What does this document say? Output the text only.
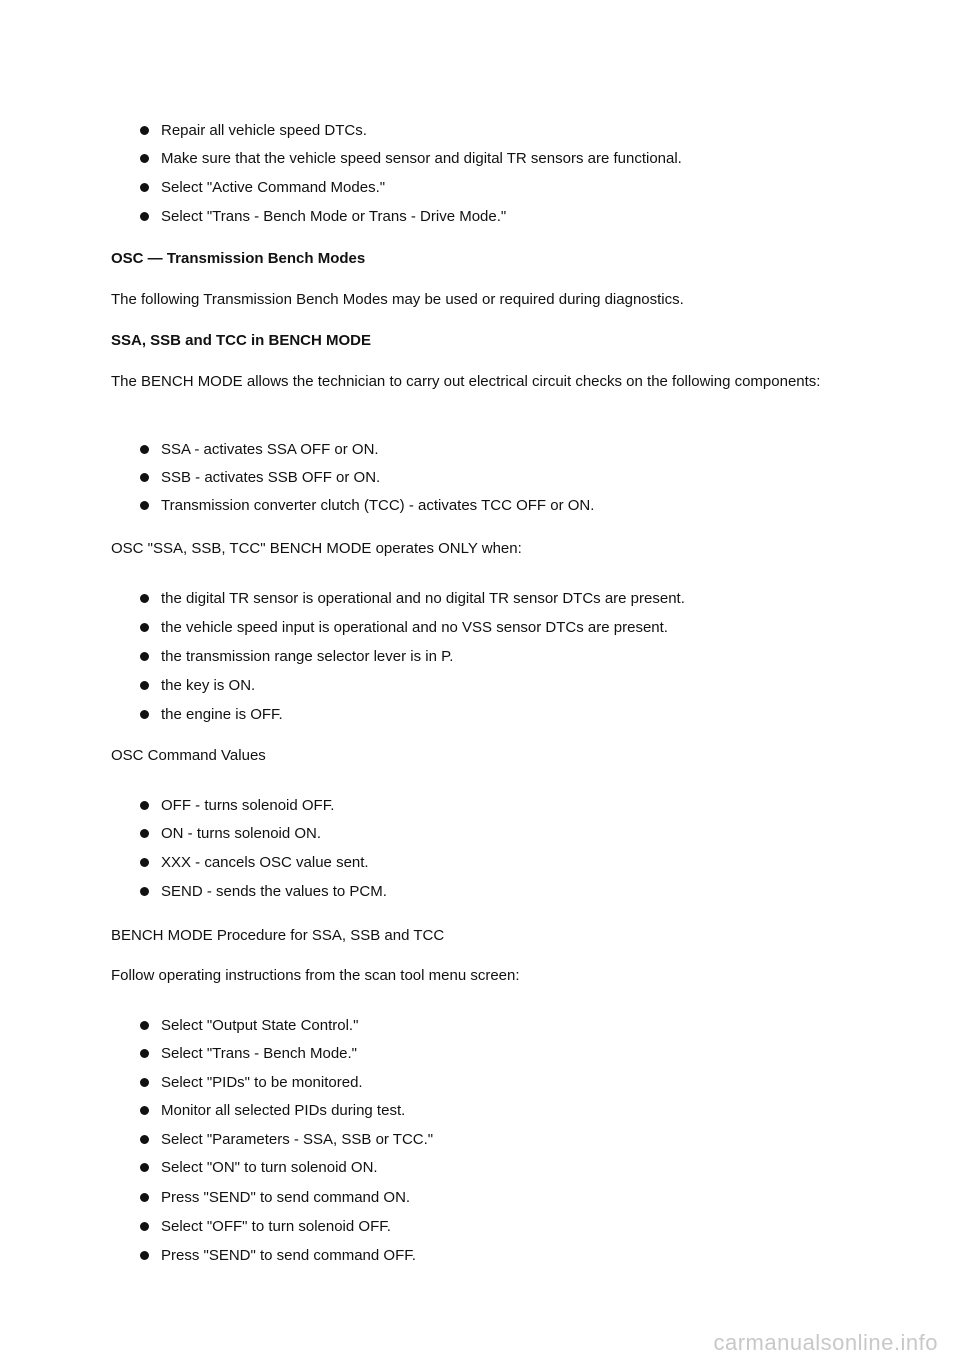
Repair all vehicle speed DTCs.
Make sure that the vehicle speed sensor and digital TR sensors are functional.
Select "Active Command Modes."
Select "Trans - Bench Mode or Trans - Drive Mode."

OSC — Transmission Bench Modes

The following Transmission Bench Modes may be used or required during diagnostics.

SSA, SSB and TCC in BENCH MODE

The BENCH MODE allows the technician to carry out electrical circuit checks on the following components:

SSA - activates SSA OFF or ON.
SSB - activates SSB OFF or ON.
Transmission converter clutch (TCC) - activates TCC OFF or ON.

OSC "SSA, SSB, TCC" BENCH MODE operates ONLY when:

the digital TR sensor is operational and no digital TR sensor DTCs are present.
the vehicle speed input is operational and no VSS sensor DTCs are present.
the transmission range selector lever is in P.
the key is ON.
the engine is OFF.

OSC Command Values

OFF - turns solenoid OFF.
ON - turns solenoid ON.
XXX - cancels OSC value sent.
SEND - sends the values to PCM.

BENCH MODE Procedure for SSA, SSB and TCC

Follow operating instructions from the scan tool menu screen:

Select "Output State Control."
Select "Trans - Bench Mode."
Select "PIDs" to be monitored.
Monitor all selected PIDs during test.
Select "Parameters - SSA, SSB or TCC."
Select "ON" to turn solenoid ON.
Press "SEND" to send command ON.
Select "OFF" to turn solenoid OFF.
Press "SEND" to send command OFF.
carmanualsonline.info
